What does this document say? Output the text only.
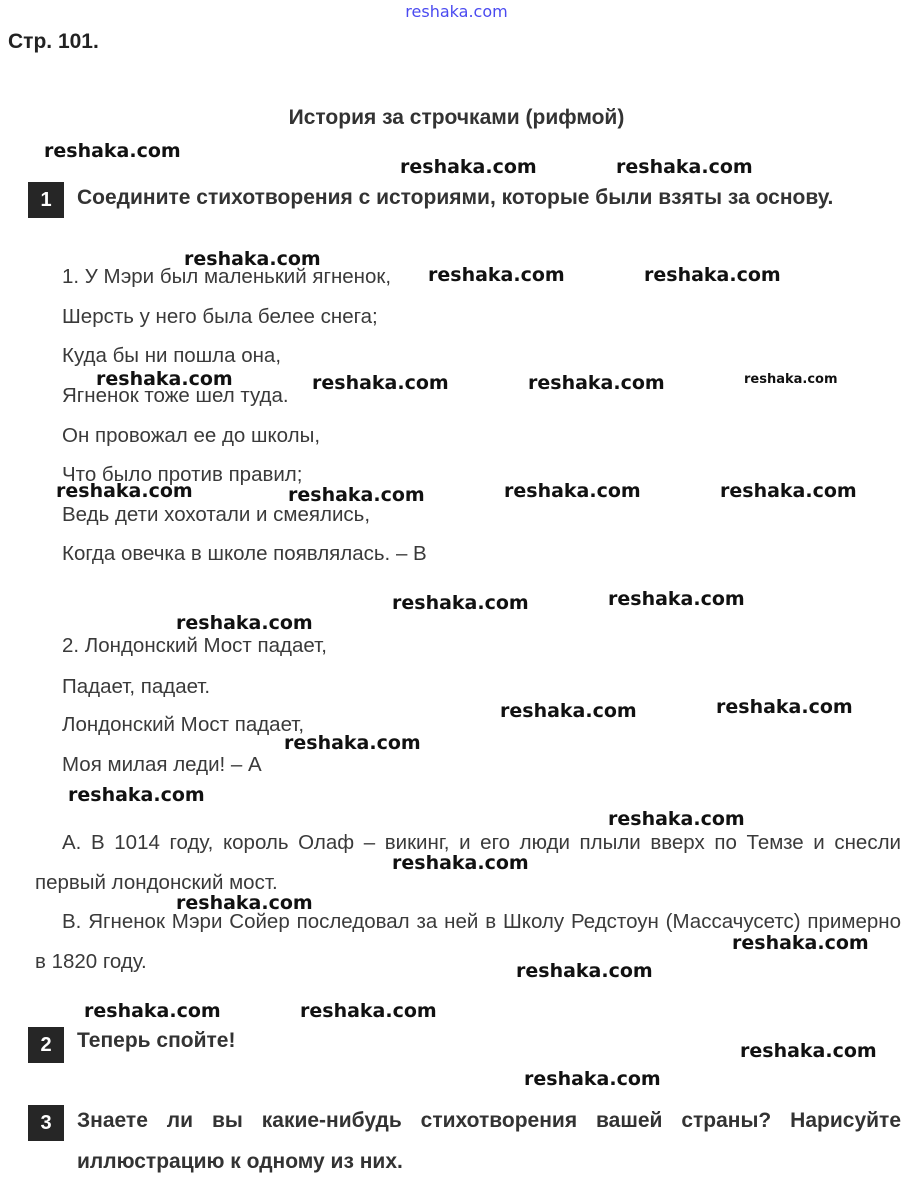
reshaka.com
Стр. 101.
История за строчками (рифмой)
1	Соедините стихотворения с историями, которые были взяты за основу.
1. У Мэри был маленький ягненок,
Шерсть у него была белее снега;
Куда бы ни пошла она,
Ягненок тоже шел туда.
Он провожал ее до школы,
Что было против правил;
Ведь дети хохотали и смеялись,
Когда овечка в школе появлялась. – В
2. Лондонский Мост падает,
Падает, падает.
Лондонский Мост падает,
Моя милая леди! – А
А. В 1014 году, король Олаф – викинг, и его люди плыли вверх по Темзе и снесли первый лондонский мост.
В. Ягненок Мэри Сойер последовал за ней в Школу Редстоун (Массачусетс) примерно в 1820 году.
2	Теперь спойте!
3	Знаете ли вы какие-нибудь стихотворения вашей страны? Нарисуйте иллюстрацию к одному из них.
reshaka.com
reshaka.com	reshaka.com
reshaka.com
reshaka.com	reshaka.com
reshaka.com	reshaka.com	reshaka.com	reshaka.com
reshaka.com	reshaka.com	reshaka.com	reshaka.com
reshaka.com
reshaka.com	reshaka.com
reshaka.com	reshaka.com
reshaka.com
reshaka.com
reshaka.com
reshaka.com
reshaka.com
reshaka.com
reshaka.com
reshaka.com	reshaka.com
reshaka.com
reshaka.com
